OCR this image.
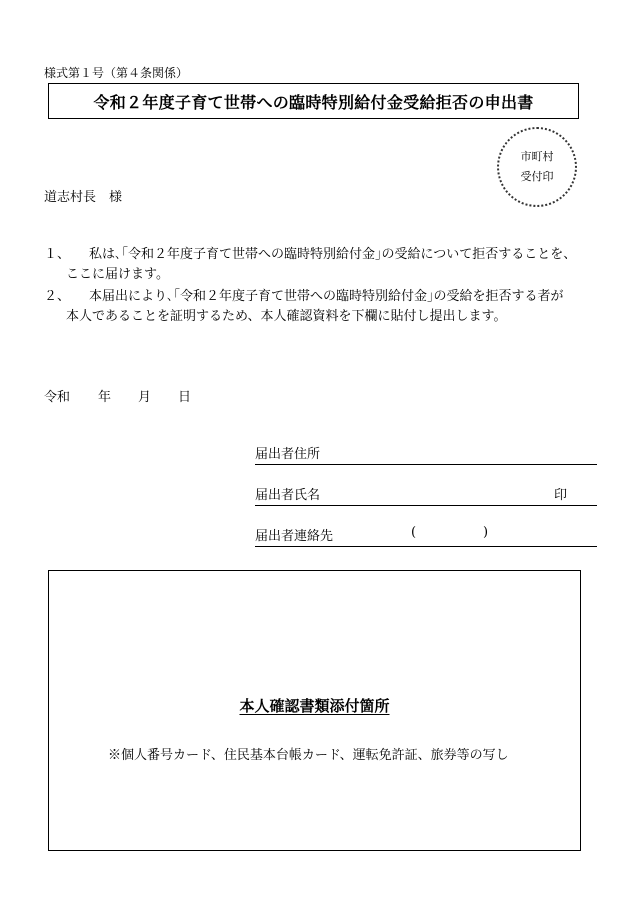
様式第１号（第４条関係）
令和２年度子育て世帯への臨時特別給付金受給拒否の申出書
市町村
受付印
道志村長　様
１、 私は､｢令和２年度子育て世帯への臨時特別給付金｣の受給について拒否することを、
ここに届けます。
２、 本届出により､｢令和２年度子育て世帯への臨時特別給付金｣の受給を拒否する者が
本人であることを証明するため、本人確認資料を下欄に貼付し提出します。
令和	年	月	日
届出者住所
届出者氏名	印
届出者連絡先	(	)
本人確認書類添付箇所
※個人番号カード、住民基本台帳カード、運転免許証、旅券等の写し
